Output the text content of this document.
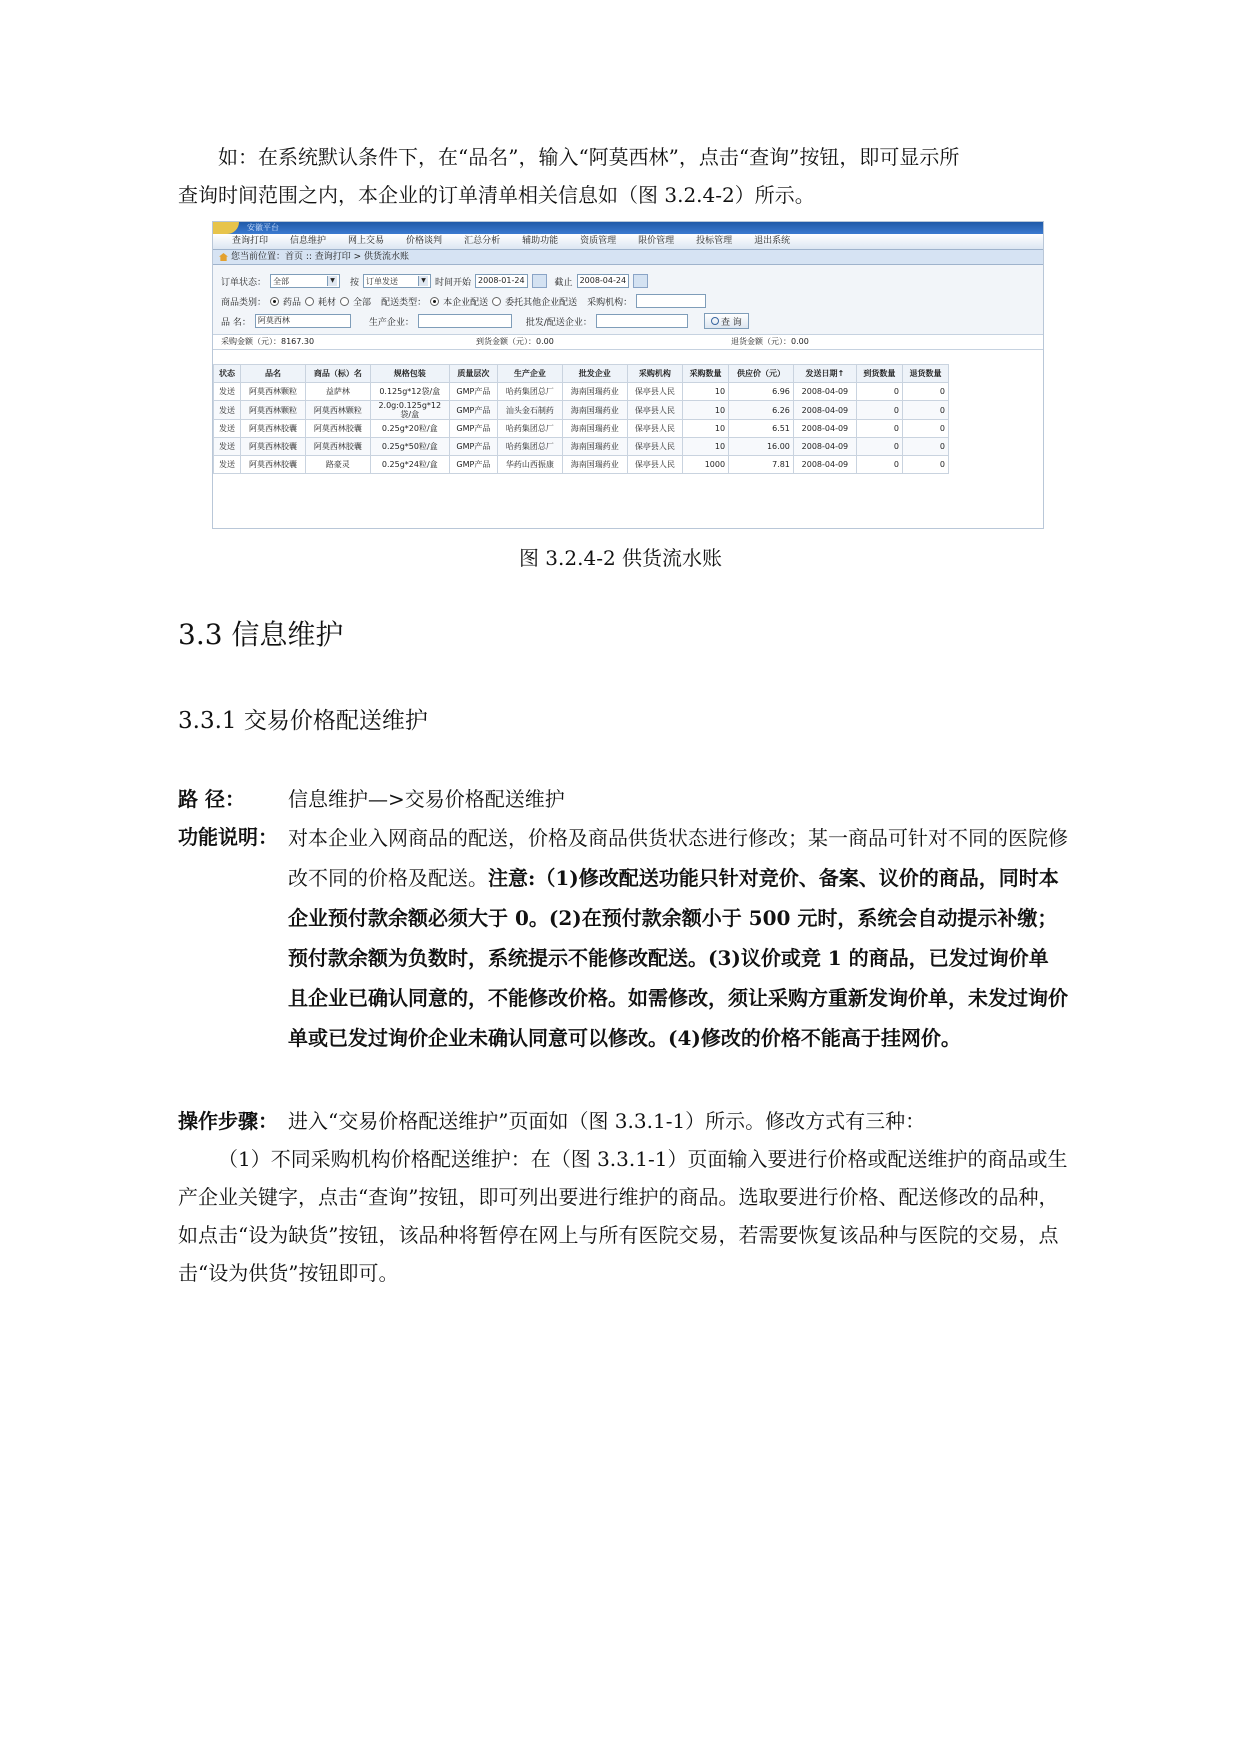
如：在系统默认条件下，在“品名”，输入“阿莫西林”，点击“查询”按钮，即可显示所

查询时间范围之内，本企业的订单清单相关信息如（图 3.2.4-2）所示。

安徽平台
查询打印	信息维护	网上交易	价格谈判	汇总分析	辅助功能	资质管理	限价管理	投标管理	退出系统
您当前位置：首页 :: 查询打印 > 供货流水账
订单状态： 全部	▼ 按 订单发送	▼ 时间开始 2008-01-24	截止 2008-04-24
商品类别： 药品 耗材 全部 配送类型： 本企业配送 委托其他企业配送 采购机构：
品 名： 阿莫西林	生产企业：	批发/配送企业：	查 询
采购金额（元）：8167.30	到货金额（元）：0.00	退货金额（元）：0.00
状态	品名	商品（标）名	规格包装	质量层次	生产企业	批发企业	采购机构	采购数量	供应价（元）	发送日期↑	到货数量	退货数量
发送	阿莫西林颗粒	益萨林	0.125g*12袋/盒	GMP产品	哈药集团总厂	海南国瑞药业	保亭县人民	10	6.96	2008-04-09	0	0
发送	阿莫西林颗粒	阿莫西林颗粒	2.0g:0.125g*12袋/盒	GMP产品	汕头金石制药	海南国瑞药业	保亭县人民	10	6.26	2008-04-09	0	0
发送	阿莫西林胶囊	阿莫西林胶囊	0.25g*20粒/盒	GMP产品	哈药集团总厂	海南国瑞药业	保亭县人民	10	6.51	2008-04-09	0	0
发送	阿莫西林胶囊	阿莫西林胶囊	0.25g*50粒/盒	GMP产品	哈药集团总厂	海南国瑞药业	保亭县人民	10	16.00	2008-04-09	0	0
发送	阿莫西林胶囊	路豪灵	0.25g*24粒/盒	GMP产品	华药山西振康	海南国瑞药业	保亭县人民	1000	7.81	2008-04-09	0	0
图 3.2.4-2 供货流水账
3.3 信息维护
3.3.1 交易价格配送维护
路 径：	信息维护—>交易价格配送维护
功能说明： 对本企业入网商品的配送，价格及商品供货状态进行修改；某一商品可针对不同的医院修改不同的价格及配送。注意:（1)修改配送功能只针对竞价、备案、议价的商品，同时本企业预付款余额必须大于 0。(2)在预付款余额小于 500 元时，系统会自动提示补缴；预付款余额为负数时，系统提示不能修改配送。(3)议价或竞 1 的商品，已发过询价单且企业已确认同意的，不能修改价格。如需修改，须让采购方重新发询价单，未发过询价单或已发过询价企业未确认同意可以修改。(4)修改的价格不能高于挂网价。
操作步骤： 进入“交易价格配送维护”页面如（图 3.3.1-1）所示。修改方式有三种：

（1）不同采购机构价格配送维护：在（图 3.3.1-1）页面输入要进行价格或配送维护的商品或生产企业关键字，点击“查询”按钮，即可列出要进行维护的商品。选取要进行价格、配送修改的品种，如点击“设为缺货”按钮，该品种将暂停在网上与所有医院交易，若需要恢复该品种与医院的交易，点击“设为供货”按钮即可。
